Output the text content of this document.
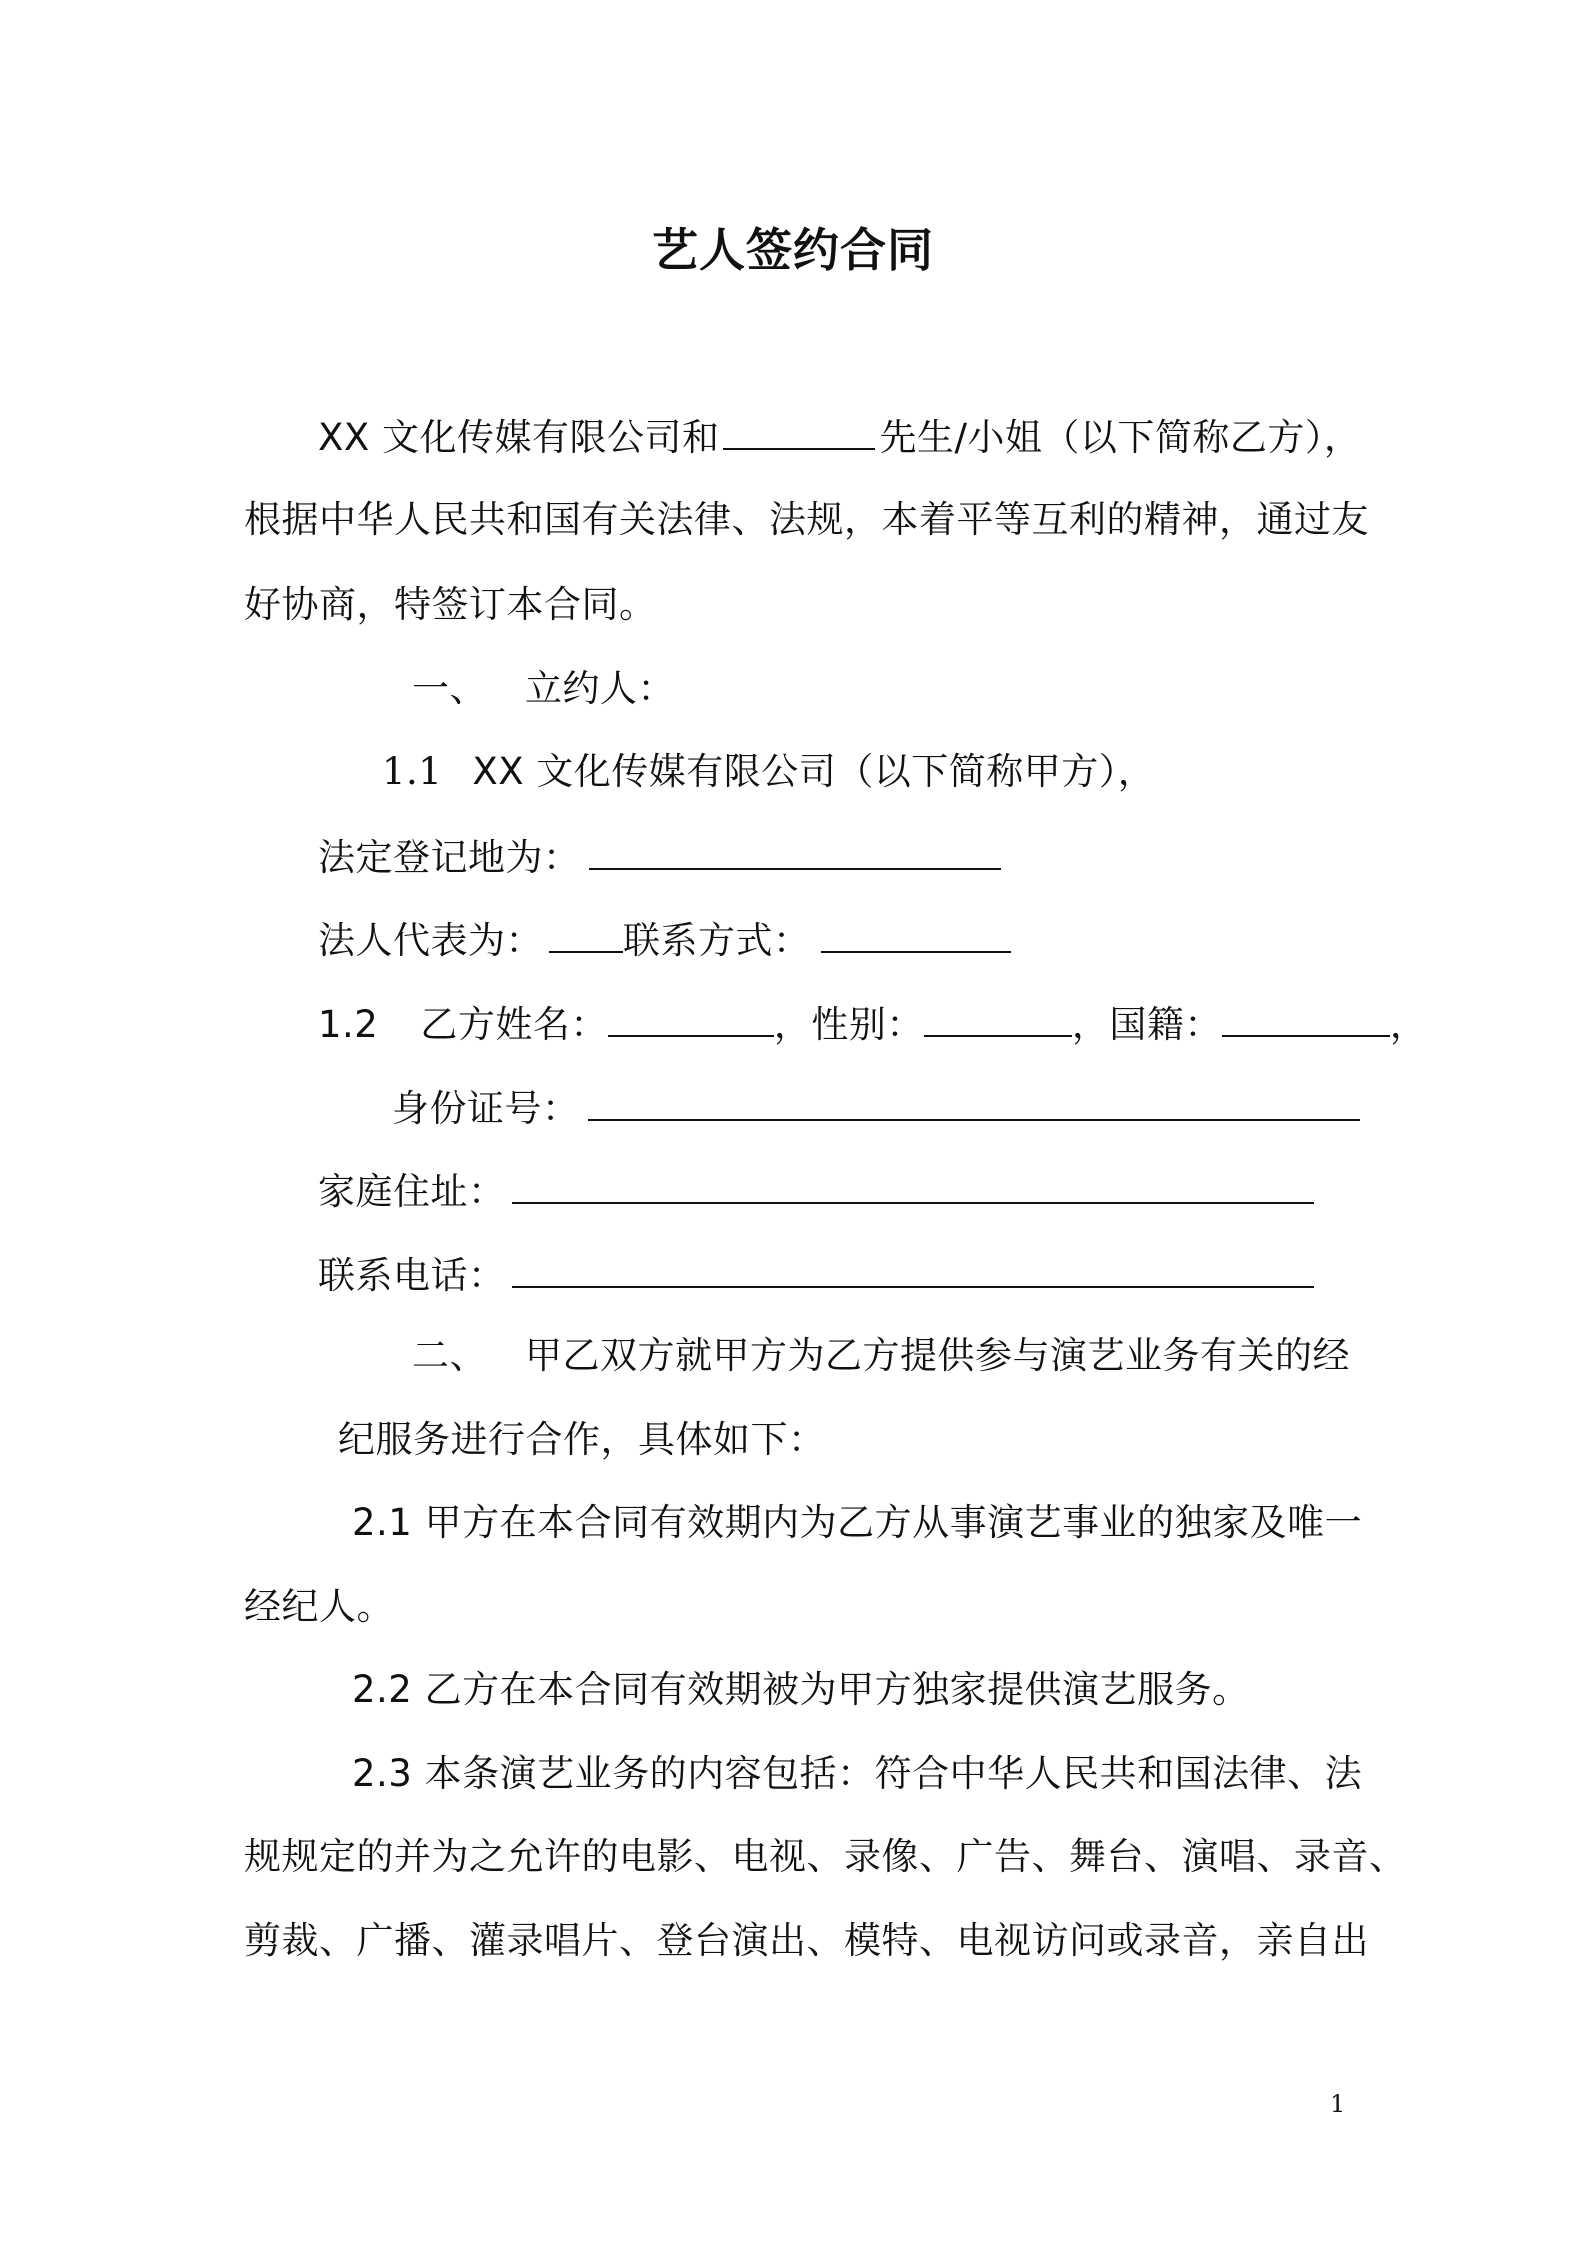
艺人签约合同
XX 文化传媒有限公司和	先生/小姐（以下简称乙方），
根据中华人民共和国有关法律、法规，本着平等互利的精神，通过友
好协商，特签订本合同。
一、 立约人：
1.1 XX 文化传媒有限公司（以下简称甲方），
法定登记地为：
法人代表为： 联系方式：
1.2 乙方姓名：	，性别：	，国籍：	，
身份证号：
家庭住址：
联系电话：
二、 甲乙双方就甲方为乙方提供参与演艺业务有关的经
纪服务进行合作，具体如下：
2.1 甲方在本合同有效期内为乙方从事演艺事业的独家及唯一
经纪人。
2.2 乙方在本合同有效期被为甲方独家提供演艺服务。
2.3 本条演艺业务的内容包括：符合中华人民共和国法律、法
规规定的并为之允许的电影、电视、录像、广告、舞台、演唱、录音、
剪裁、广播、灌录唱片、登台演出、模特、电视访问或录音，亲自出
1
